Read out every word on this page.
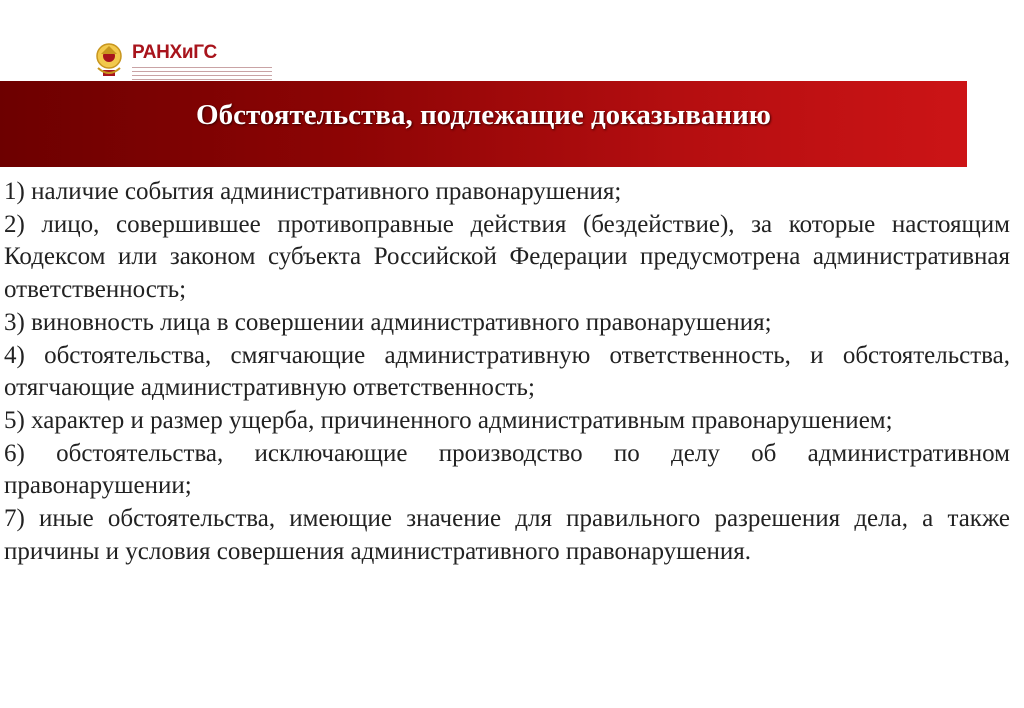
РАНХиГС
Обстоятельства, подлежащие доказыванию
1) наличие события административного правонарушения;
2) лицо, совершившее противоправные действия (бездействие), за которые настоящим Кодексом или законом субъекта Российской Федерации предусмотрена административная ответственность;
3) виновность лица в совершении административного правонарушения;
4) обстоятельства, смягчающие административную ответственность, и обстоятельства, отягчающие административную ответственность;
5) характер и размер ущерба, причиненного административным правонарушением;
6) обстоятельства, исключающие производство по делу об административном правонарушении;
7) иные обстоятельства, имеющие значение для правильного разрешения дела, а также причины и условия совершения административного правонарушения.
